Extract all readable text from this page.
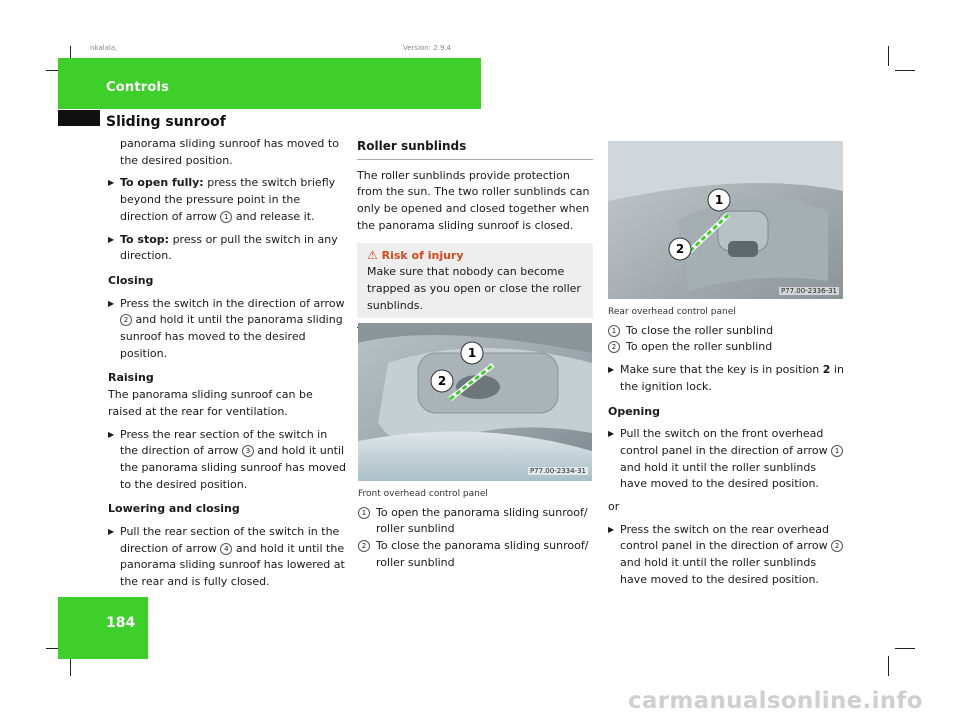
nkalala,	Version: 2.9.4
Controls
Sliding sunroof

panorama sliding sunroof has moved to the desired position.

▶ To open fully: press the switch briefly beyond the pressure point in the direction of arrow 1 and release it.

▶ To stop: press or pull the switch in any direction.

Closing

▶ Press the switch in the direction of arrow 2 and hold it until the panorama sliding sunroof has moved to the desired position.

Raising

The panorama sliding sunroof can be raised at the rear for ventilation.

▶ Press the rear section of the switch in the direction of arrow 3 and hold it until the panorama sliding sunroof has moved to the desired position.

Lowering and closing

▶ Pull the rear section of the switch in the direction of arrow 4 and hold it until the panorama sliding sunroof has lowered at the rear and is fully closed.

Roller sunblinds

The roller sunblinds provide protection from the sun. The two roller sunblinds can only be opened and closed together when the panorama sliding sunroof is closed.

⚠ Risk of injury

Make sure that nobody can become trapped as you open or close the roller sunblinds.

1
2
P77.00-2334-31

Front overhead control panel

1 To open the panorama sliding sunroof/ roller sunblind

2 To close the panorama sliding sunroof/ roller sunblind

1
2
P77.00-2336-31

Rear overhead control panel

1 To close the roller sunblind

2 To open the roller sunblind

▶ Make sure that the key is in position 2 in the ignition lock.

Opening

▶ Pull the switch on the front overhead control panel in the direction of arrow 1 and hold it until the roller sunblinds have moved to the desired position.

or

▶ Press the switch on the rear overhead control panel in the direction of arrow 2 and hold it until the roller sunblinds have moved to the desired position.

184
carmanualsonline.info
